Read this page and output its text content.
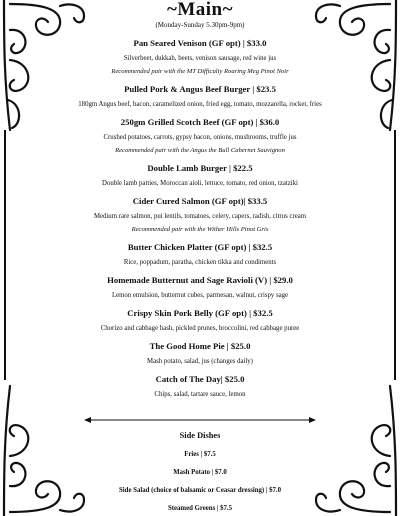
~Main~
(Monday-Sunday 5.30pm-9pm)
Pan Seared Venison (GF opt) | $33.0
Silverbeet, dukkah, beets, venison sausage, red wine jus
Recommended pair with the MT Difficulty Roaring Meg Pinot Noir
Pulled Pork & Angus Beef Burger | $23.5
180gm Angus beef, bacon, caramelized onion, fried egg, tomato, mozzarella, rocket, fries
250gm Grilled Scotch Beef (GF opt) | $36.0
Crushed potatoes, carrots, gypsy bacon, onions, mushrooms, truffle jus
Recommended pair with the Angus the Bull Cabernet Sauvignon
Double Lamb Burger | $22.5
Double lamb patties, Moroccan aioli, lettuce, tomato, red onion, tzatziki
Cider Cured Salmon (GF opt)| $33.5
Medium rare salmon, pui lentils, tomatoes, celery, capers, radish, citrus cream
Recommended pair with the Wither Hills Pinot Gris
Butter Chicken Platter (GF opt) | $32.5
Rice, poppadum, paratha, chicken tikka and condiments
Homemade Butternut and Sage Ravioli (V) | $29.0
Lemon emulsion, butternut cubes, parmesan, walnut, crispy sage
Crispy Skin Pork Belly (GF opt) | $32.5
Chorizo and cabbage hash, pickled prunes, broccolini, red cabbage puree
The Good Home Pie | $25.0
Mash potato, salad, jus (changes daily)
Catch of The Day| $25.0
Chips, salad, tartare sauce, lemon
Side Dishes
Fries | $7.5
Mash Potato | $7.0
Side Salad (choice of balsamic or Ceasar dressing) | $7.0
Steamed Greens | $7.5
